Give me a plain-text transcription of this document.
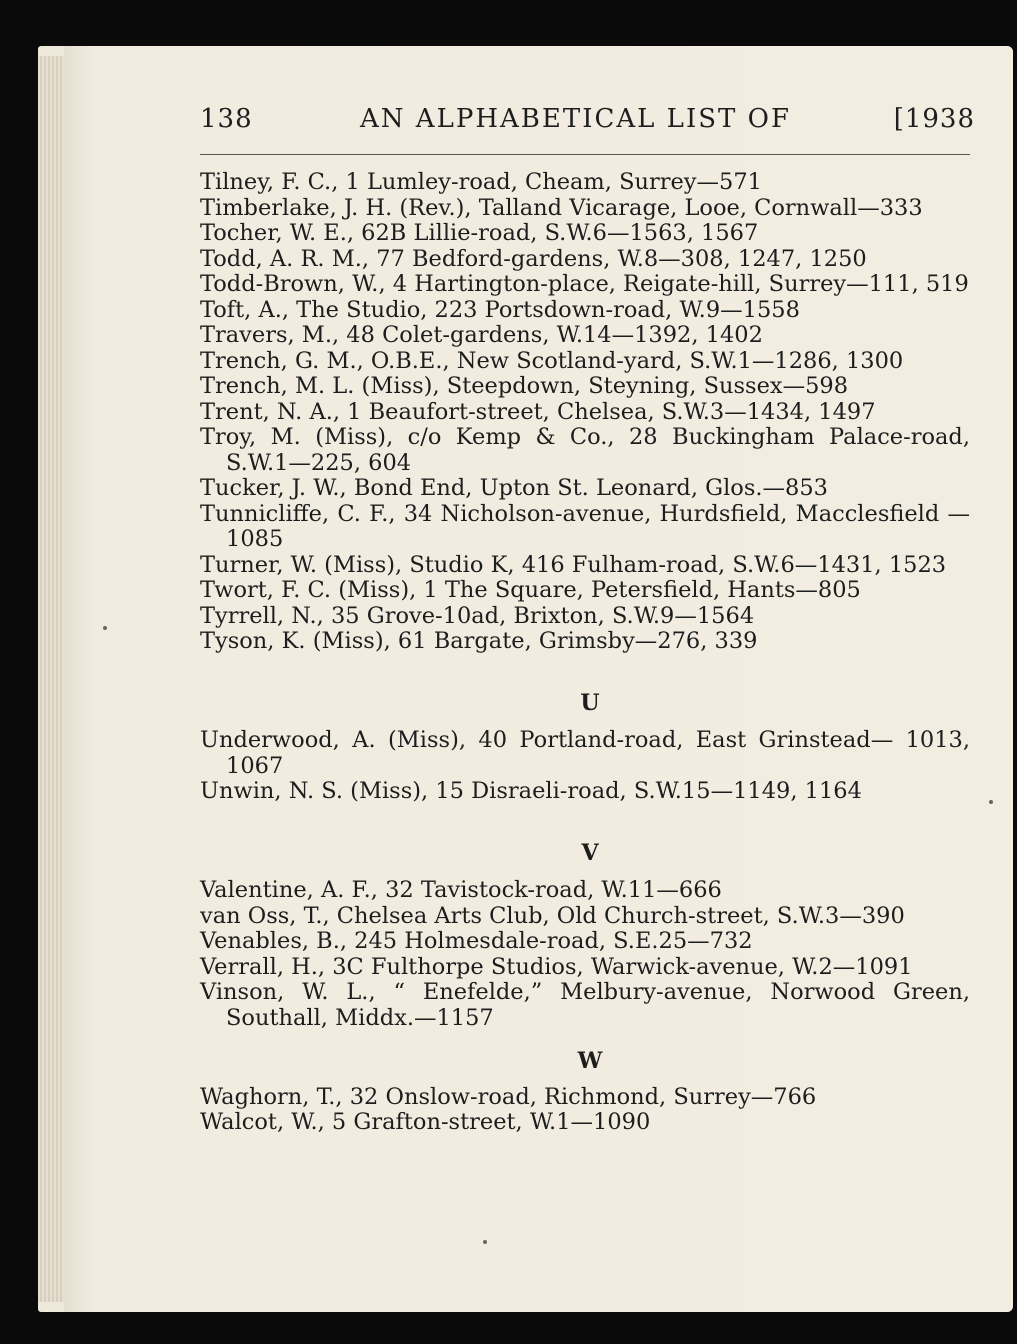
138	AN ALPHABETICAL LIST OF	[1938
Tilney, F. C., 1 Lumley-road, Cheam, Surrey—571
Timberlake, J. H. (Rev.), Talland Vicarage, Looe, Cornwall—333
Tocher, W. E., 62B Lillie-road, S.W.6—1563, 1567
Todd, A. R. M., 77 Bedford-gardens, W.8—308, 1247, 1250
Todd-Brown, W., 4 Hartington-place, Reigate-hill, Surrey—111, 519
Toft, A., The Studio, 223 Portsdown-road, W.9—1558
Travers, M., 48 Colet-gardens, W.14—1392, 1402
Trench, G. M., O.B.E., New Scotland-yard, S.W.1—1286, 1300
Trench, M. L. (Miss), Steepdown, Steyning, Sussex—598
Trent, N. A., 1 Beaufort-street, Chelsea, S.W.3—1434, 1497
Troy, M. (Miss), c/o Kemp & Co., 28 Buckingham Palace-road, S.W.1—225, 604
Tucker, J. W., Bond End, Upton St. Leonard, Glos.—853
Tunnicliffe, C. F., 34 Nicholson-avenue, Hurdsfield, Macclesfield —1085
Turner, W. (Miss), Studio K, 416 Fulham-road, S.W.6—1431, 1523
Twort, F. C. (Miss), 1 The Square, Petersfield, Hants—805
Tyrrell, N., 35 Grove-10ad, Brixton, S.W.9—1564
Tyson, K. (Miss), 61 Bargate, Grimsby—276, 339
U
Underwood, A. (Miss), 40 Portland-road, East Grinstead— 1013, 1067
Unwin, N. S. (Miss), 15 Disraeli-road, S.W.15—1149, 1164
V
Valentine, A. F., 32 Tavistock-road, W.11—666
van Oss, T., Chelsea Arts Club, Old Church-street, S.W.3—390
Venables, B., 245 Holmesdale-road, S.E.25—732
Verrall, H., 3C Fulthorpe Studios, Warwick-avenue, W.2—1091
Vinson, W. L., “ Enefelde,” Melbury-avenue, Norwood Green, Southall, Middx.—1157
W
Waghorn, T., 32 Onslow-road, Richmond, Surrey—766
Walcot, W., 5 Grafton-street, W.1—1090
